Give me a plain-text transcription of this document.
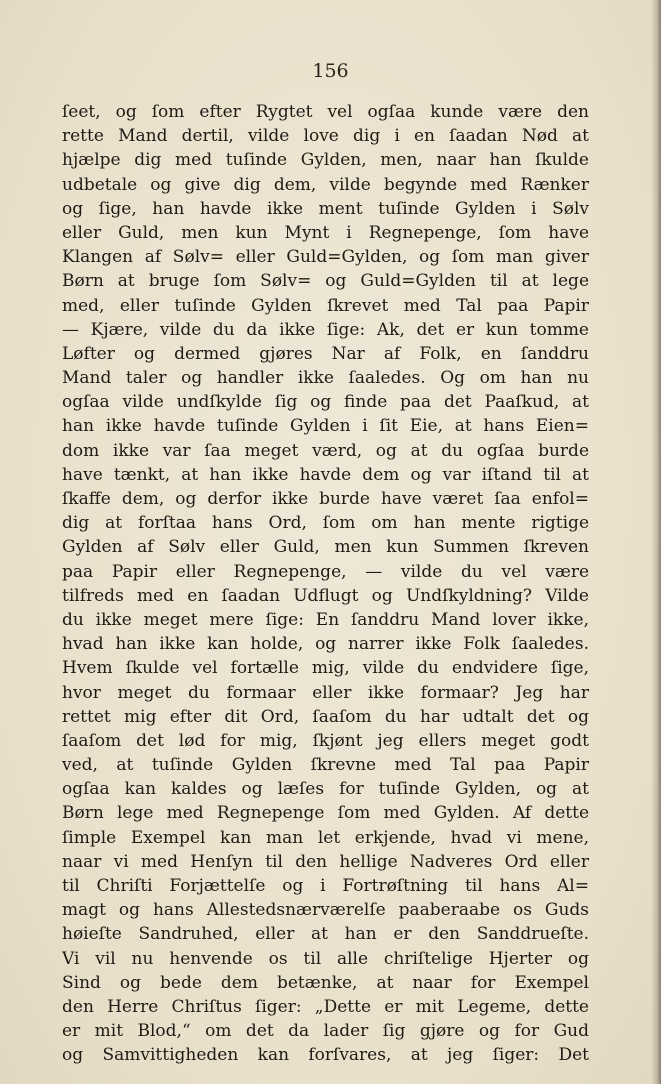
156
ſeet, og ſom efter Rygtet vel ogſaa kunde være den
rette Mand dertil, vilde love dig i en ſaadan Nød at
hjælpe dig med tuſinde Gylden, men, naar han ſkulde
udbetale og give dig dem, vilde begynde med Rænker
og ſige, han havde ikke ment tuſinde Gylden i Sølv
eller Guld, men kun Mynt i Regnepenge, ſom have
Klangen af Sølv= eller Guld=Gylden, og ſom man giver
Børn at bruge ſom Sølv= og Guld=Gylden til at lege
med, eller tuſinde Gylden ſkrevet med Tal paa Papir
— Kjære, vilde du da ikke ſige: Ak, det er kun tomme
Løfter og dermed gjøres Nar af Folk, en ſanddru
Mand taler og handler ikke ſaaledes. Og om han nu
ogſaa vilde undſkylde ſig og finde paa det Paaſkud, at
han ikke havde tuſinde Gylden i ſit Eie, at hans Eien=
dom ikke var ſaa meget værd, og at du ogſaa burde
have tænkt, at han ikke havde dem og var iſtand til at
ſkaffe dem, og derfor ikke burde have været ſaa enfol=
dig at forſtaa hans Ord, ſom om han mente rigtige
Gylden af Sølv eller Guld, men kun Summen ſkreven
paa Papir eller Regnepenge, — vilde du vel være
tilfreds med en ſaadan Udflugt og Undſkyldning? Vilde
du ikke meget mere ſige: En ſanddru Mand lover ikke,
hvad han ikke kan holde, og narrer ikke Folk ſaaledes.
Hvem ſkulde vel fortælle mig, vilde du endvidere ſige,
hvor meget du formaar eller ikke formaar? Jeg har
rettet mig efter dit Ord, ſaaſom du har udtalt det og
ſaaſom det lød for mig, ſkjønt jeg ellers meget godt
ved, at tuſinde Gylden ſkrevne med Tal paa Papir
ogſaa kan kaldes og læſes for tuſinde Gylden, og at
Børn lege med Regnepenge ſom med Gylden. Af dette
ſimple Exempel kan man let erkjende, hvad vi mene,
naar vi med Henſyn til den hellige Nadveres Ord eller
til Chriſti Forjættelſe og i Fortrøſtning til hans Al=
magt og hans Allestedsnærværelſe paaberaabe os Guds
høieſte Sandruhed, eller at han er den Sanddrueſte.
Vi vil nu henvende os til alle chriſtelige Hjerter og
Sind og bede dem betænke, at naar for Exempel
den Herre Chriſtus ſiger: „Dette er mit Legeme, dette
er mit Blod,“ om det da lader ſig gjøre og for Gud
og Samvittigheden kan forſvares, at jeg ſiger: Det
